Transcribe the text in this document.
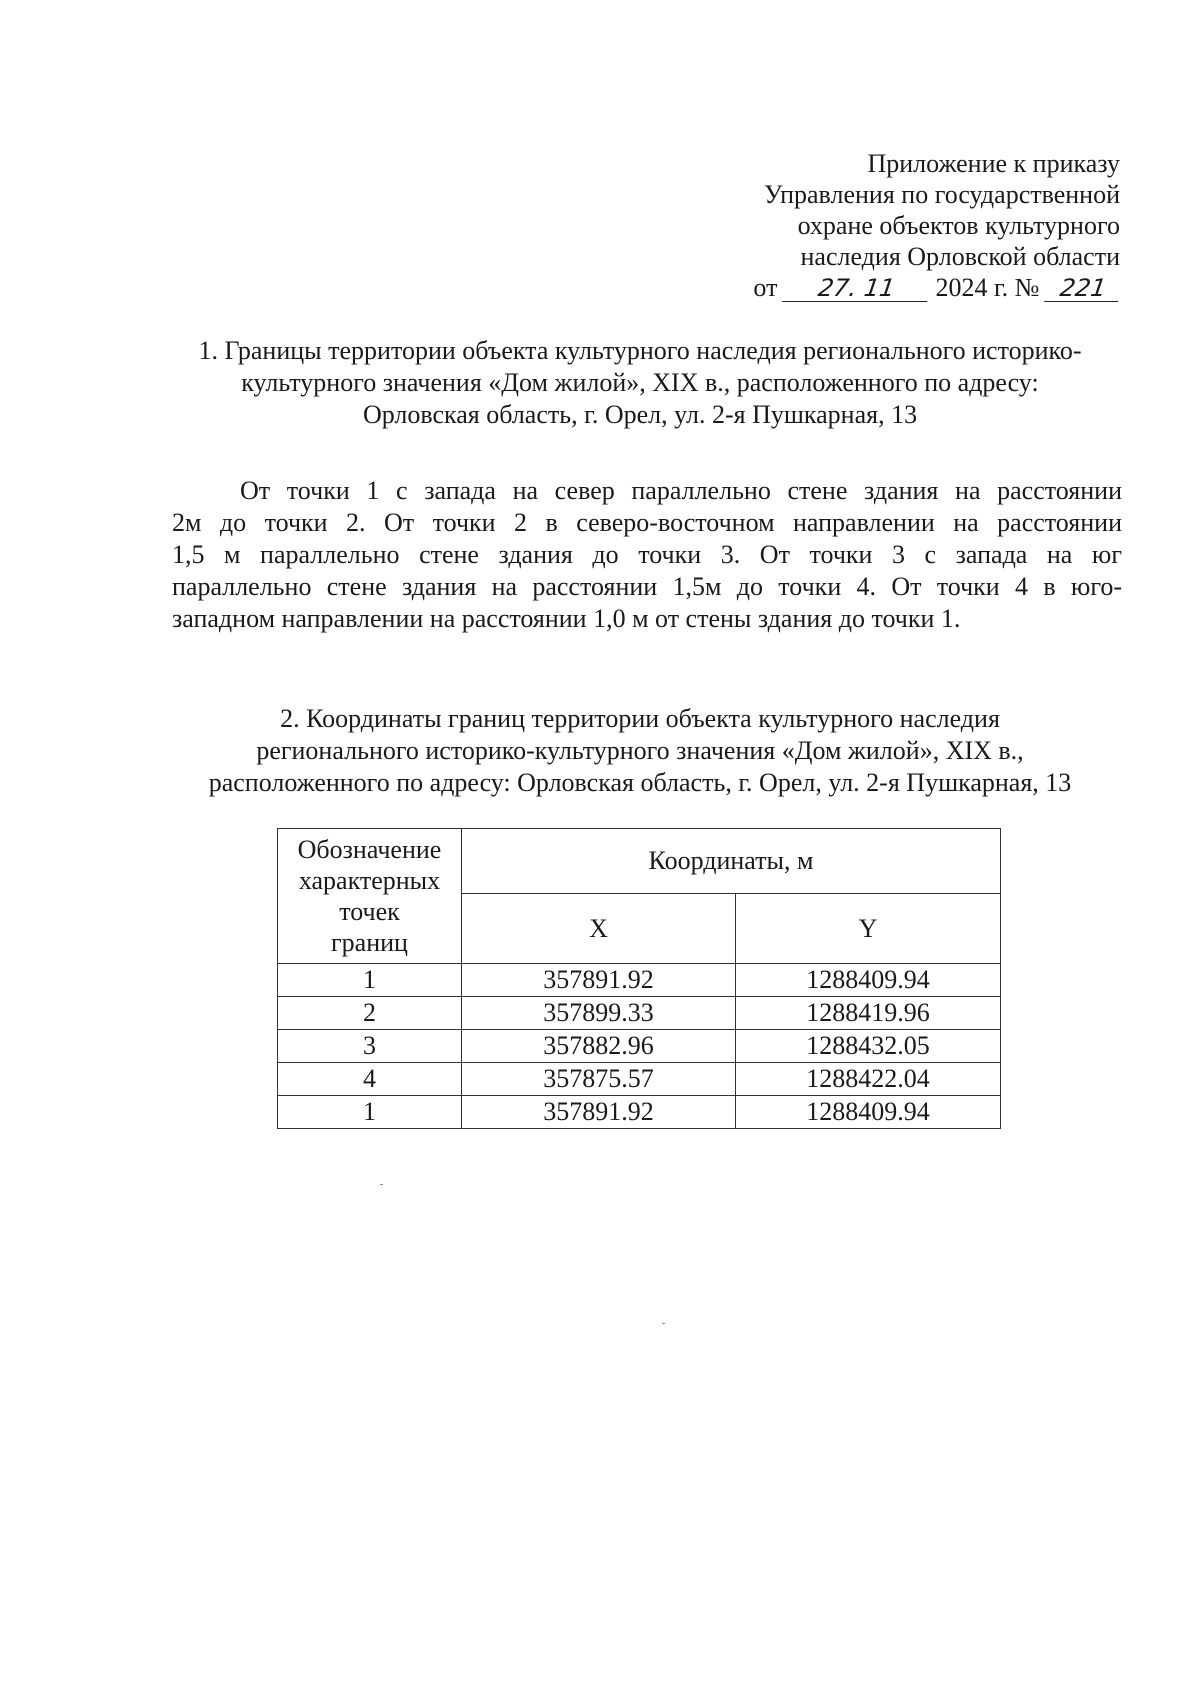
Приложение к приказу
Управления по государственной
охране объектов культурного
наследия Орловской области
от 27. 11 2024 г. № 221
1. Границы территории объекта культурного наследия регионального историко-
культурного значения «Дом жилой», XIX в., расположенного по адресу:
Орловская область, г. Орел, ул. 2-я Пушкарная, 13
От точки 1 с запада на север параллельно стене здания на расстоянии
2м до точки 2. От точки 2 в северо-восточном направлении на расстоянии
1,5 м параллельно стене здания до точки 3. От точки 3 с запада на юг
параллельно стене здания на расстоянии 1,5м до точки 4. От точки 4 в юго-
западном направлении на расстоянии 1,0 м от стены здания до точки 1.
2. Координаты границ территории объекта культурного наследия
регионального историко-культурного значения «Дом жилой», XIX в.,
расположенного по адресу: Орловская область, г. Орел, ул. 2-я Пушкарная, 13
Обозначение
характерных
точек
границ	Координаты, м	
	X	Y
1	357891.92	1288409.94
2	357899.33	1288419.96
3	357882.96	1288432.05
4	357875.57	1288422.04
1	357891.92	1288409.94
